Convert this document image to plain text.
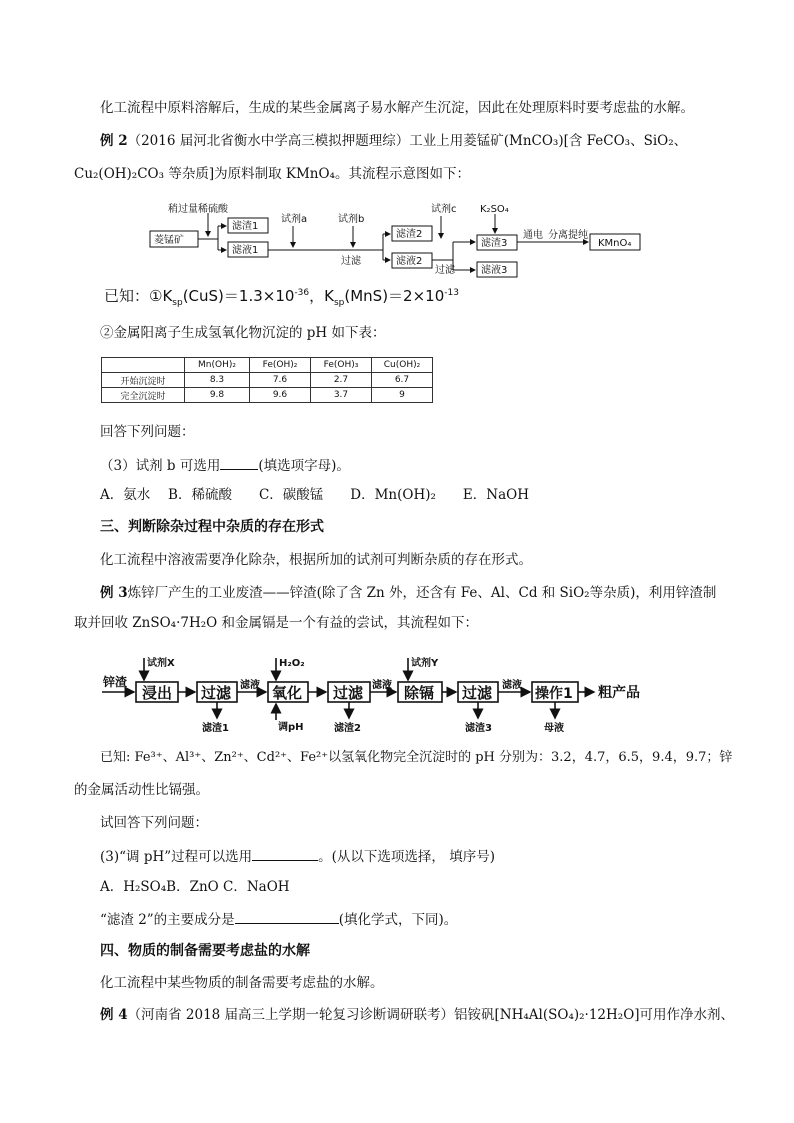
化工流程中原料溶解后，生成的某些金属离子易水解产生沉淀，因此在处理原料时要考虑盐的水解。
例 2（2016 届河北省衡水中学高三模拟押题理综）工业上用菱锰矿(MnCO₃)[含 FeCO₃、SiO₂、
Cu₂(OH)₂CO₃ 等杂质]为原料制取 KMnO₄。其流程示意图如下：
稍过量稀硫酸
菱锰矿
滤渣1
滤液1
试剂a	试剂b
过滤
滤渣2
滤液2
试剂c K₂SO₄
过滤
滤渣3
滤液3
通电 分离提纯
KMnO₄
已知：$①K_{sp}(CuS)=1.3\times 10^{-36}$，$K_{sp}(MnS)=2\times 10^{-13}$
②金属阳离子生成氢氧化物沉淀的 pH 如下表：
	Mn(OH)₂	Fe(OH)₂	Fe(OH)₃	Cu(OH)₂
开始沉淀时	8.3	7.6	2.7	6.7
完全沉淀时	9.8	9.6	3.7	9
回答下列问题：
（3）试剂 b 可选用	(填选项字母)。
A．氨水　 B．稀硫酸　　C．碳酸锰　　D．Mn(OH)₂　　E．NaOH
三、判断除杂过程中杂质的存在形式
化工流程中溶液需要净化除杂，根据所加的试剂可判断杂质的存在形式。
例 3炼锌厂产生的工业废渣——锌渣(除了含 Zn 外，还含有 Fe、Al、Cd 和 SiO₂等杂质)，利用锌渣制
取并回收 ZnSO₄·7H₂O 和金属镉是一个有益的尝试，其流程如下：
锌渣
试剂X
浸出 过滤 滤液
H₂O₂
氧化
调pH
过滤 滤液
试剂Y
除镉 过滤 滤液
操作1 粗产品
滤渣1	滤渣2	滤渣3	母液
已知: Fe³⁺、Al³⁺、Zn²⁺、Cd²⁺、Fe²⁺以氢氧化物完全沉淀时的 pH 分别为：3.2，4.7，6.5，9.4，9.7；锌
的金属活动性比镉强。
试回答下列问题：
(3)“调 pH”过程可以选用	。(从以下选项选择， 填序号)
A．H₂SO₄B．ZnO C．NaOH
“滤渣 2”的主要成分是	(填化学式，下同)。
四、物质的制备需要考虑盐的水解
化工流程中某些物质的制备需要考虑盐的水解。
例 4（河南省 2018 届高三上学期一轮复习诊断调研联考）铝铵矾[NH₄Al(SO₄)₂·12H₂O]可用作净水剂、
